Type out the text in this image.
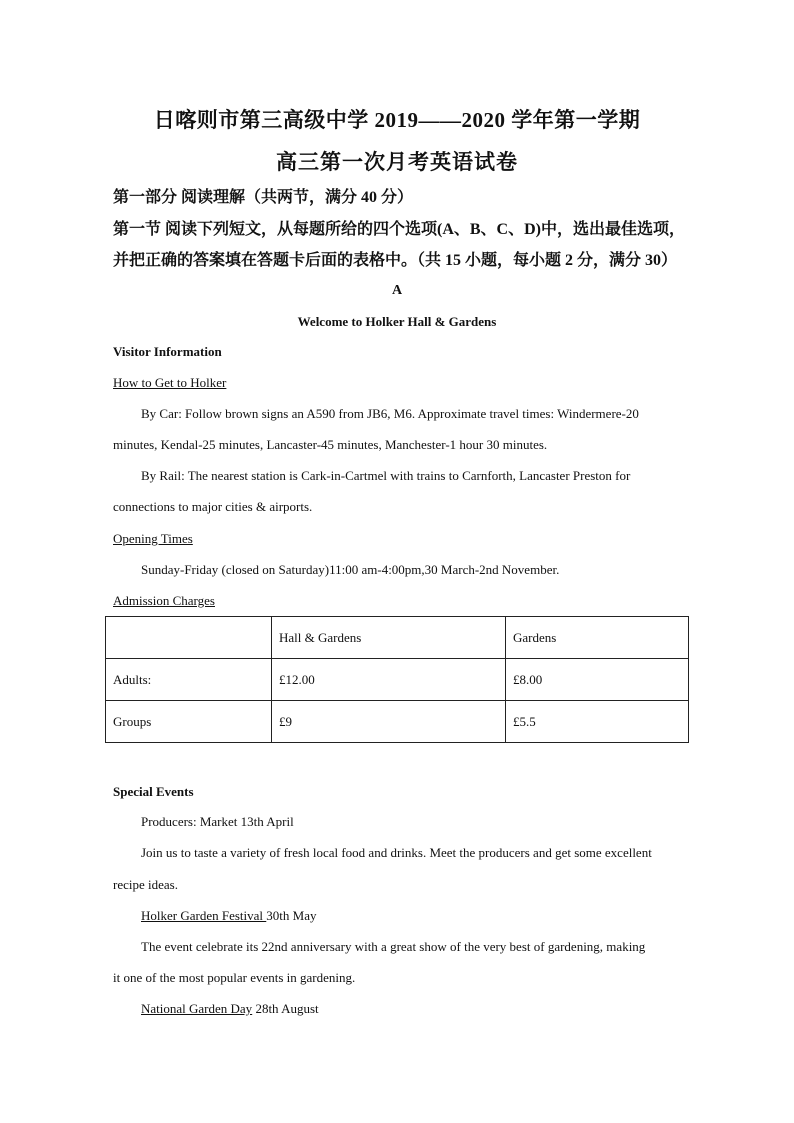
日喀则市第三高级中学 2019——2020 学年第一学期
高三第一次月考英语试卷
第一部分 阅读理解（共两节，满分 40 分）
第一节 阅读下列短文，从每题所给的四个选项(A、B、C、D)中，选出最佳选项，
并把正确的答案填在答题卡后面的表格中。（共 15 小题，每小题 2 分，满分 30）
A
Welcome to Holker Hall & Gardens
Visitor Information
How to Get to Holker
By Car: Follow brown signs an A590 from JB6, M6. Approximate travel times: Windermere-20
minutes, Kendal-25 minutes, Lancaster-45 minutes, Manchester-1 hour 30 minutes.
By Rail: The nearest station is Cark-in-Cartmel with trains to Carnforth, Lancaster Preston for
connections to major cities & airports.
Opening Times
Sunday-Friday (closed on Saturday)11:00 am-4:00pm,30 March-2nd November.
Admission Charges
	Hall & Gardens	Gardens
Adults:	£12.00	£8.00
Groups	£9	£5.5
Special Events
Producers: Market 13th April
Join us to taste a variety of fresh local food and drinks. Meet the producers and get some excellent
recipe ideas.
Holker Garden Festival 30th May
The event celebrate its 22nd anniversary with a great show of the very best of gardening, making
it one of the most popular events in gardening.
National Garden Day 28th August
